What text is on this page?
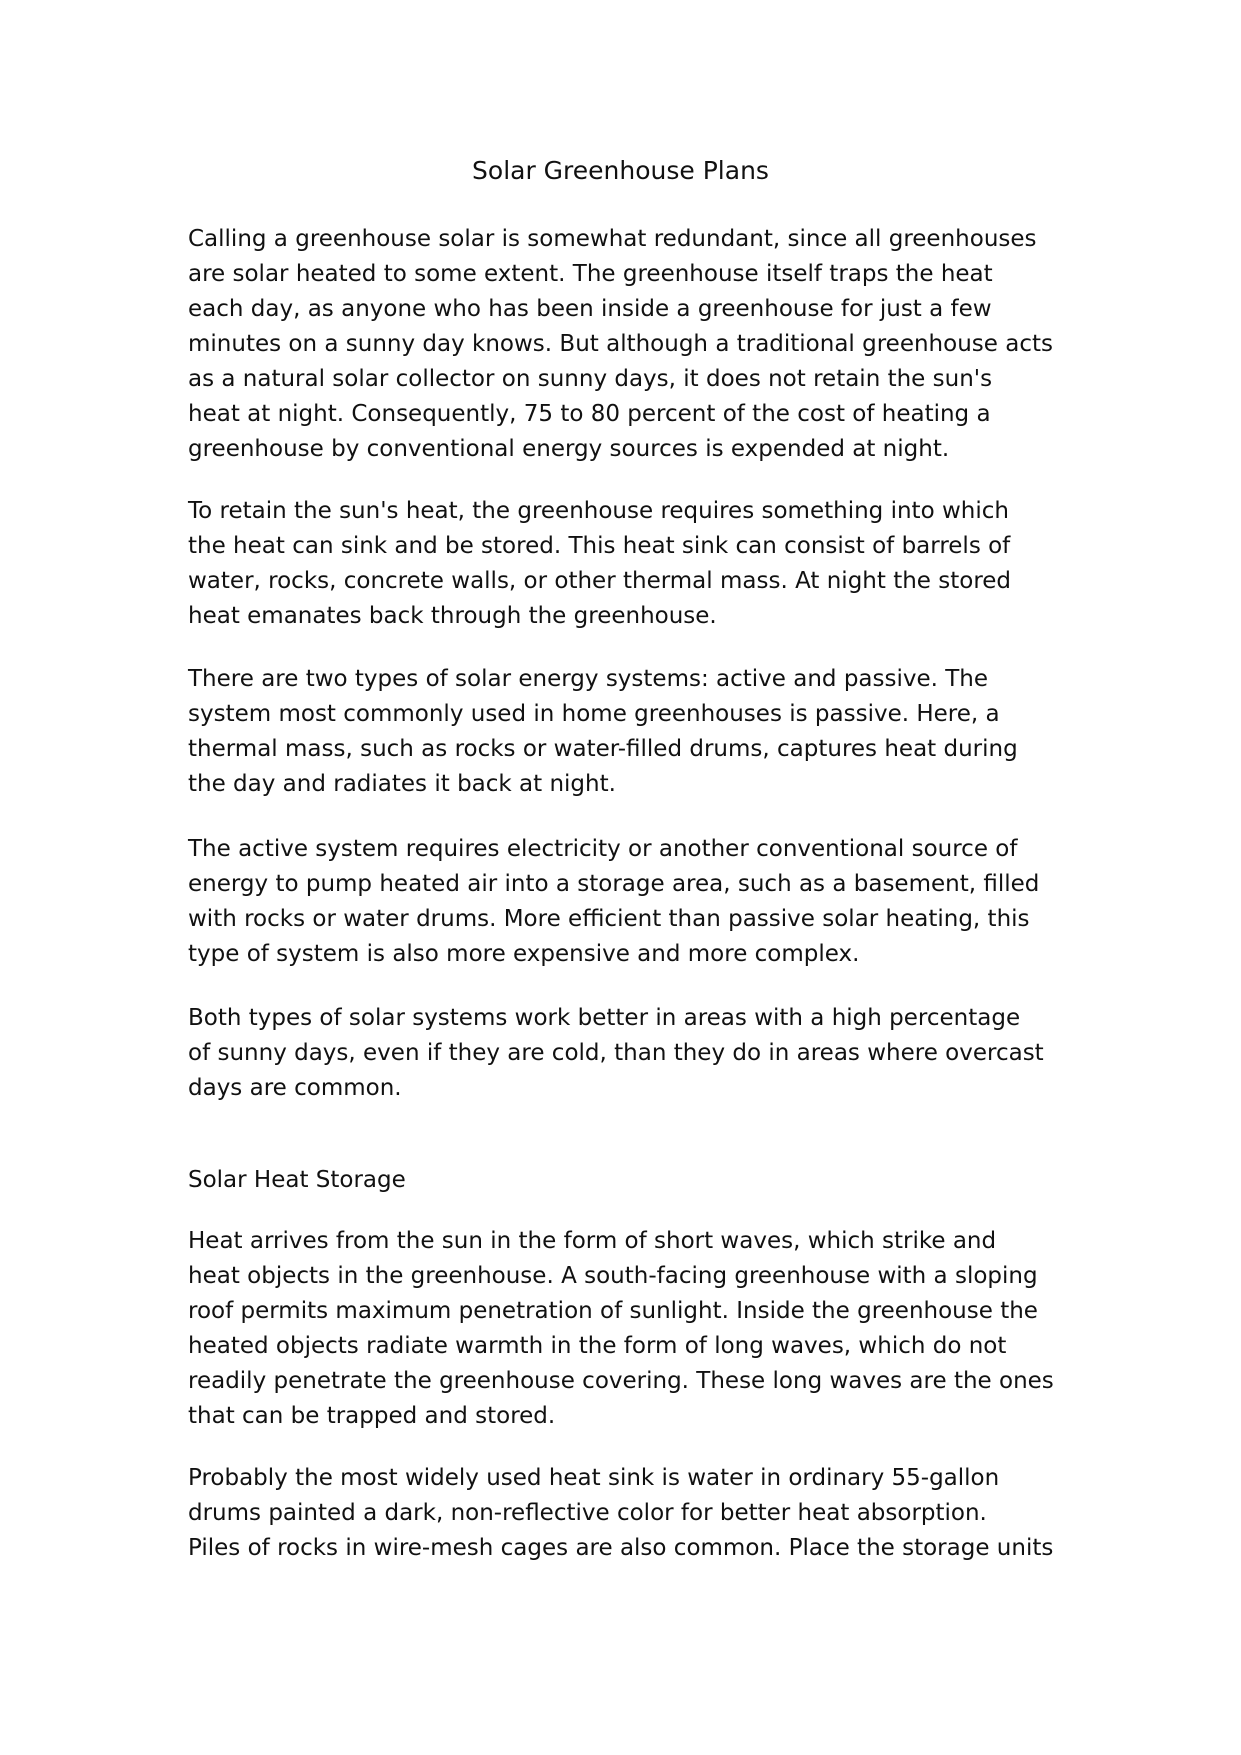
Solar Greenhouse Plans

Calling a greenhouse solar is somewhat redundant, since all greenhouses
are solar heated to some extent. The greenhouse itself traps the heat
each day, as anyone who has been inside a greenhouse for just a few
minutes on a sunny day knows. But although a traditional greenhouse acts
as a natural solar collector on sunny days, it does not retain the sun's
heat at night. Consequently, 75 to 80 percent of the cost of heating a
greenhouse by conventional energy sources is expended at night.

To retain the sun's heat, the greenhouse requires something into which
the heat can sink and be stored. This heat sink can consist of barrels of
water, rocks, concrete walls, or other thermal mass. At night the stored
heat emanates back through the greenhouse.

There are two types of solar energy systems: active and passive. The
system most commonly used in home greenhouses is passive. Here, a
thermal mass, such as rocks or water-filled drums, captures heat during
the day and radiates it back at night.

The active system requires electricity or another conventional source of
energy to pump heated air into a storage area, such as a basement, filled
with rocks or water drums. More efficient than passive solar heating, this
type of system is also more expensive and more complex.

Both types of solar systems work better in areas with a high percentage
of sunny days, even if they are cold, than they do in areas where overcast
days are common.

Solar Heat Storage

Heat arrives from the sun in the form of short waves, which strike and
heat objects in the greenhouse. A south-facing greenhouse with a sloping
roof permits maximum penetration of sunlight. Inside the greenhouse the
heated objects radiate warmth in the form of long waves, which do not
readily penetrate the greenhouse covering. These long waves are the ones
that can be trapped and stored.

Probably the most widely used heat sink is water in ordinary 55-gallon
drums painted a dark, non-reflective color for better heat absorption.
Piles of rocks in wire-mesh cages are also common. Place the storage units
